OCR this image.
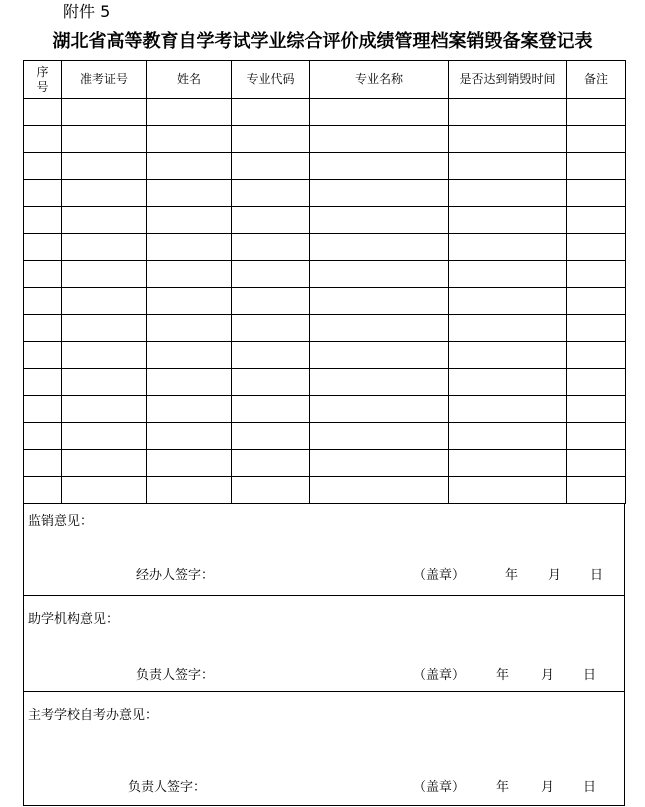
附件 5
湖北省高等教育自学考试学业综合评价成绩管理档案销毁备案登记表
序号	准考证号	姓名	专业代码	专业名称	是否达到销毁时间	备注

监销意见：
经办人签字：	（盖章）	年 月 日
助学机构意见：
负责人签字：	（盖章） 年 月 日
主考学校自考办意见：
负责人签字：	（盖章） 年 月 日
